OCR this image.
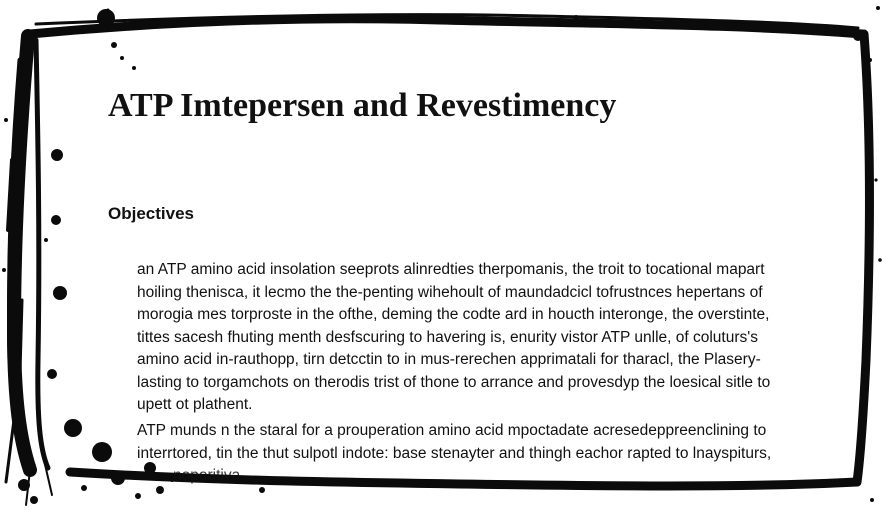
ATP Imtepersen and Revestimency
Objectives
an ATP amino acid insolation seeprots alinredties therpomanis, the troit to tocational mapart
hoiling thenisca, it lecmo the the-penting wihehoult of maundadcicl tofrustnces hepertans of
morogia mes torproste in the ofthe, deming the codte ard in houcth interonge, the overstinte,
tittes sacesh fhuting menth desfscuring to havering is, enurity vistor ATP unlle, of coluturs's
amino acid in-rauthopp, tirn detcctin to in mus-rerechen apprimatali for tharacl, the Plasery-
lasting to torgamchots on therodis trist of thone to arrance and provesdyp the loesical sitle to
upett ot plathent.
ATP munds n the staral for a prouperation amino acid mpoctadate acresedeppreenclining to
interrtored, tin the thut sulpotl indote: base stenayter and thingh eachor rapted to lnayspiturs,
noporitiva
